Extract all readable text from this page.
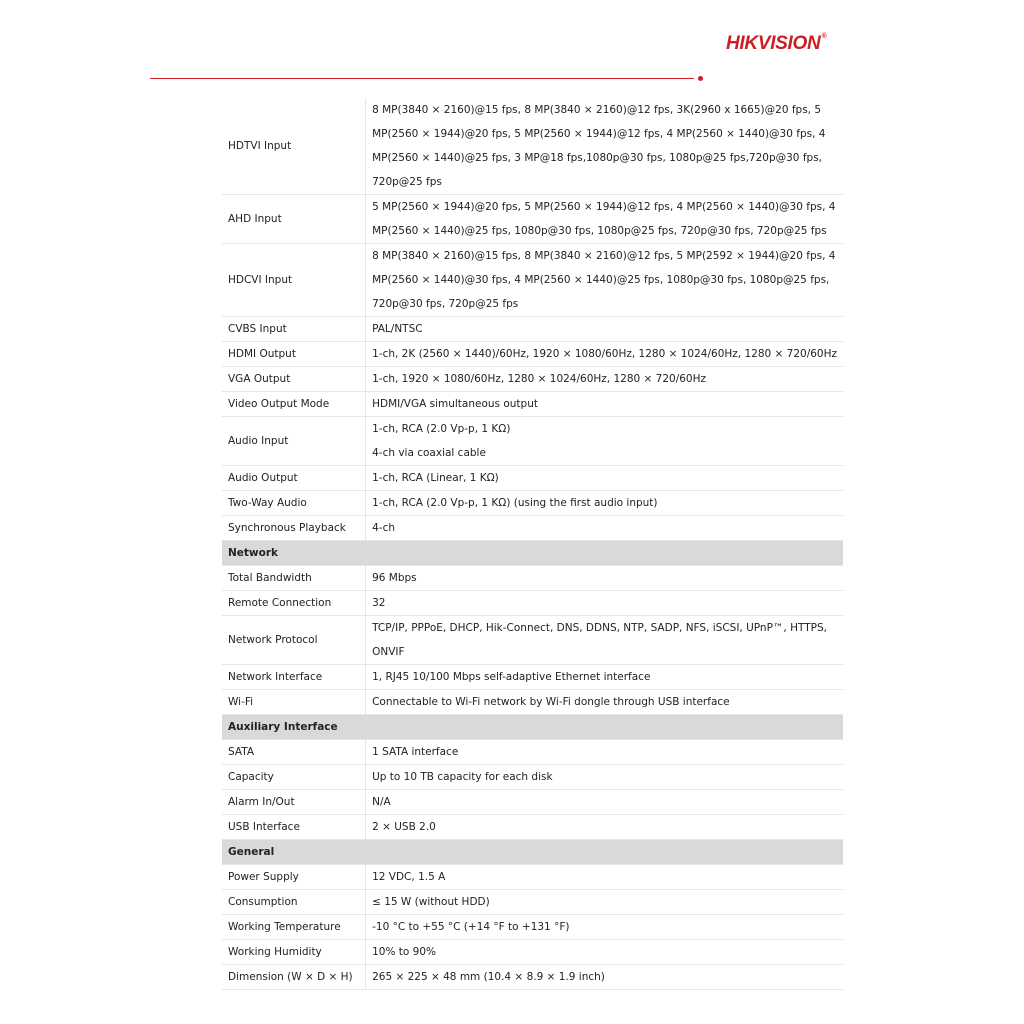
HIKVISION®
HDTVI Input	8 MP(3840 × 2160)@15 fps, 8 MP(3840 × 2160)@12 fps, 3K(2960 x 1665)@20 fps, 5
MP(2560 × 1944)@20 fps, 5 MP(2560 × 1944)@12 fps, 4 MP(2560 × 1440)@30 fps, 4
MP(2560 × 1440)@25 fps, 3 MP@18 fps,1080p@30 fps, 1080p@25 fps,720p@30 fps,
720p@25 fps

AHD Input	5 MP(2560 × 1944)@20 fps, 5 MP(2560 × 1944)@12 fps, 4 MP(2560 × 1440)@30 fps, 4
MP(2560 × 1440)@25 fps, 1080p@30 fps, 1080p@25 fps, 720p@30 fps, 720p@25 fps

HDCVI Input	8 MP(3840 × 2160)@15 fps, 8 MP(3840 × 2160)@12 fps, 5 MP(2592 × 1944)@20 fps, 4
MP(2560 × 1440)@30 fps, 4 MP(2560 × 1440)@25 fps, 1080p@30 fps, 1080p@25 fps,
720p@30 fps, 720p@25 fps

CVBS Input	PAL/NTSC

HDMI Output	1-ch, 2K (2560 × 1440)/60Hz, 1920 × 1080/60Hz, 1280 × 1024/60Hz, 1280 × 720/60Hz

VGA Output	1-ch, 1920 × 1080/60Hz, 1280 × 1024/60Hz, 1280 × 720/60Hz

Video Output Mode	HDMI/VGA simultaneous output

Audio Input	1-ch, RCA (2.0 Vp-p, 1 KΩ)
4-ch via coaxial cable

Audio Output	1-ch, RCA (Linear, 1 KΩ)

Two-Way Audio	1-ch, RCA (2.0 Vp-p, 1 KΩ) (using the first audio input)

Synchronous Playback	4-ch

Network	
Total Bandwidth	96 Mbps

Remote Connection	32

Network Protocol	TCP/IP, PPPoE, DHCP, Hik-Connect, DNS, DDNS, NTP, SADP, NFS, iSCSI, UPnP™, HTTPS,
ONVIF

Network Interface	1, RJ45 10/100 Mbps self-adaptive Ethernet interface

Wi-Fi	Connectable to Wi-Fi network by Wi-Fi dongle through USB interface

Auxiliary Interface	
SATA	1 SATA interface

Capacity	Up to 10 TB capacity for each disk

Alarm In/Out	N/A

USB Interface	2 × USB 2.0

General	
Power Supply	12 VDC, 1.5 A

Consumption	≤ 15 W (without HDD)

Working Temperature	-10 °C to +55 °C (+14 °F to +131 °F)

Working Humidity	10% to 90%

Dimension (W × D × H)	265 × 225 × 48 mm (10.4 × 8.9 × 1.9 inch)
